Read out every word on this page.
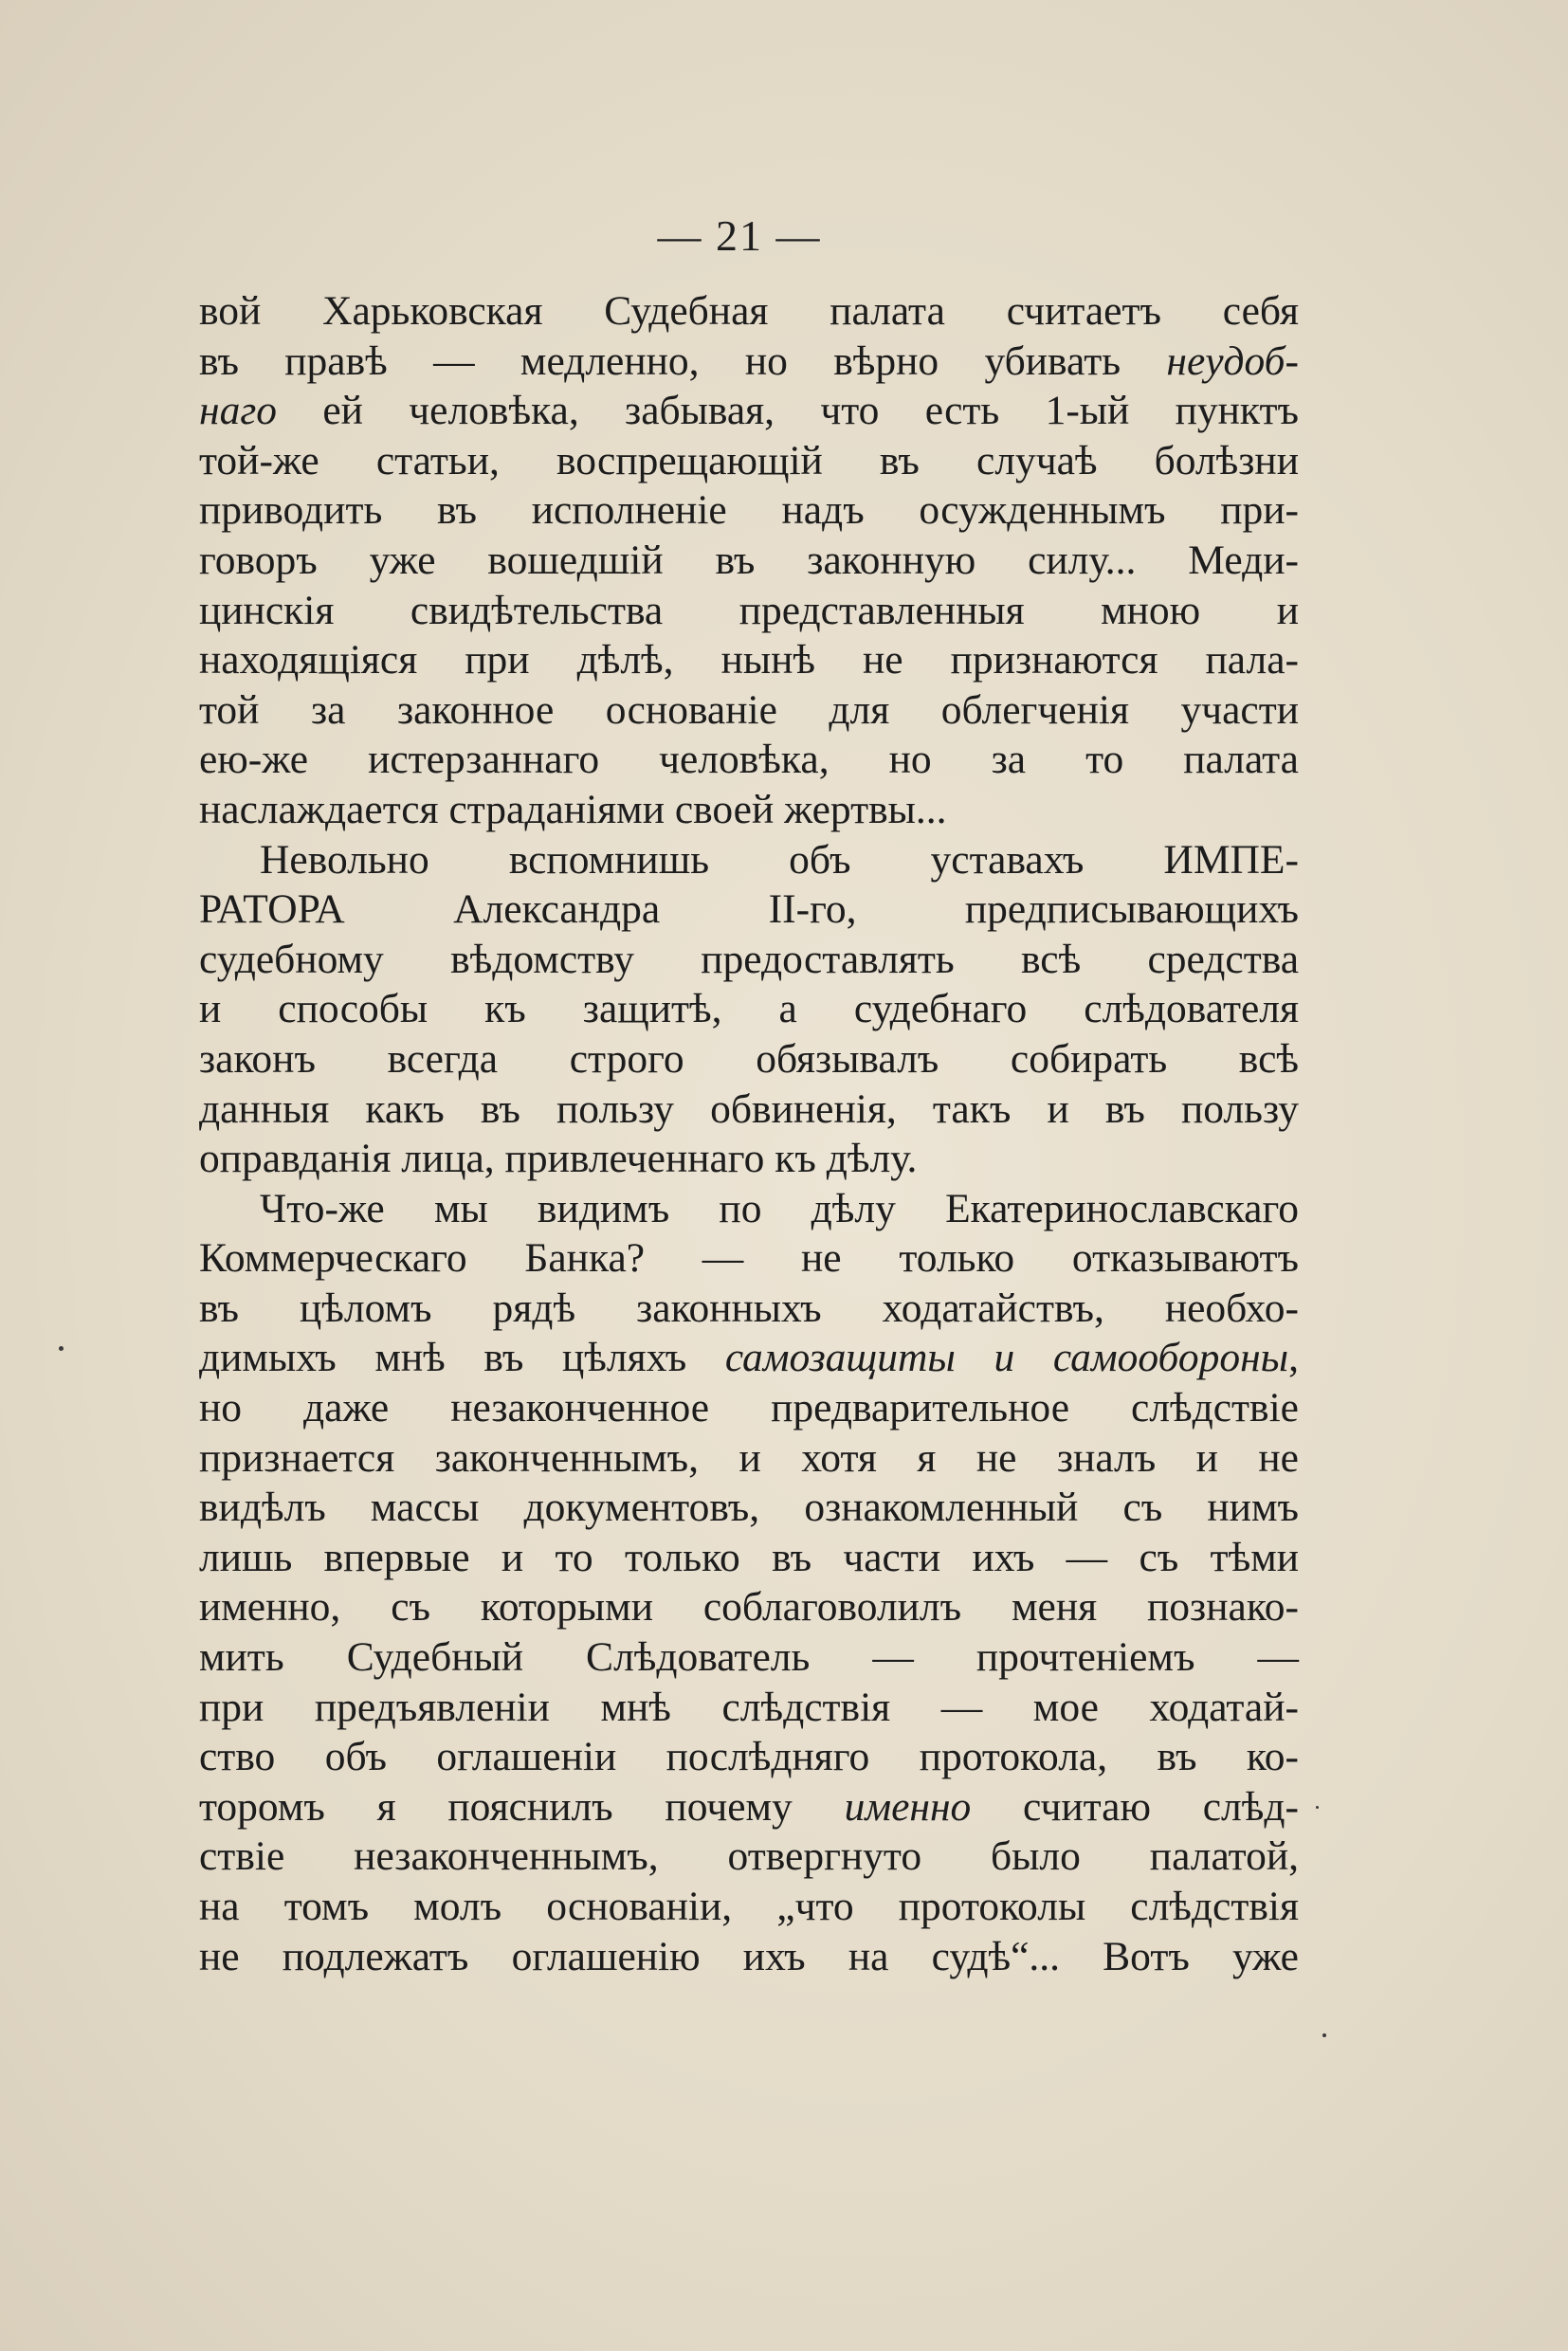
— 21 —
вой Харьковская Судебная палата считаетъ себя
въ правѣ — медленно, но вѣрно убивать неудоб-
наго ей человѣка, забывая, что есть 1-ый пунктъ
той-же статьи, воспрещающій въ случаѣ болѣзни
приводить въ исполненіе надъ осужденнымъ при-
говоръ уже вошедшій въ законную силу... Меди-
цинскія свидѣтельства представленныя мною и
находящіяся при дѣлѣ, нынѣ не признаются пала-
той за законное основаніе для облегченія участи
ею-же истерзаннаго человѣка, но за то палата
наслаждается страданіями своей жертвы...
Невольно вспомнишь объ уставахъ ИМПЕ-
РАТОРА Александра II-го, предписывающихъ
судебному вѣдомству предоставлять всѣ средства
и способы къ защитѣ, а судебнаго слѣдователя
законъ всегда строго обязывалъ собирать всѣ
данныя какъ въ пользу обвиненія, такъ и въ пользу
оправданія лица, привлеченнаго къ дѣлу.
Что-же мы видимъ по дѣлу Екатеринославскаго
Коммерческаго Банка? — не только отказываютъ
въ цѣломъ рядѣ законныхъ ходатайствъ, необхо-
димыхъ мнѣ въ цѣляхъ самозащиты и самообороны,
но даже незаконченное предварительное слѣдствіе
признается законченнымъ, и хотя я не зналъ и не
видѣлъ массы документовъ, ознакомленный съ нимъ
лишь впервые и то только въ части ихъ — съ тѣми
именно, съ которыми соблаговолилъ меня познако-
мить Судебный Слѣдователь — прочтеніемъ —
при предъявленіи мнѣ слѣдствія — мое ходатай-
ство объ оглашеніи послѣдняго протокола, въ ко-
торомъ я пояснилъ почему именно считаю слѣд-
ствіе незаконченнымъ, отвергнуто было палатой,
на томъ молъ основаніи, „что протоколы слѣдствія
не подлежатъ оглашенію ихъ на судѣ“... Вотъ уже
